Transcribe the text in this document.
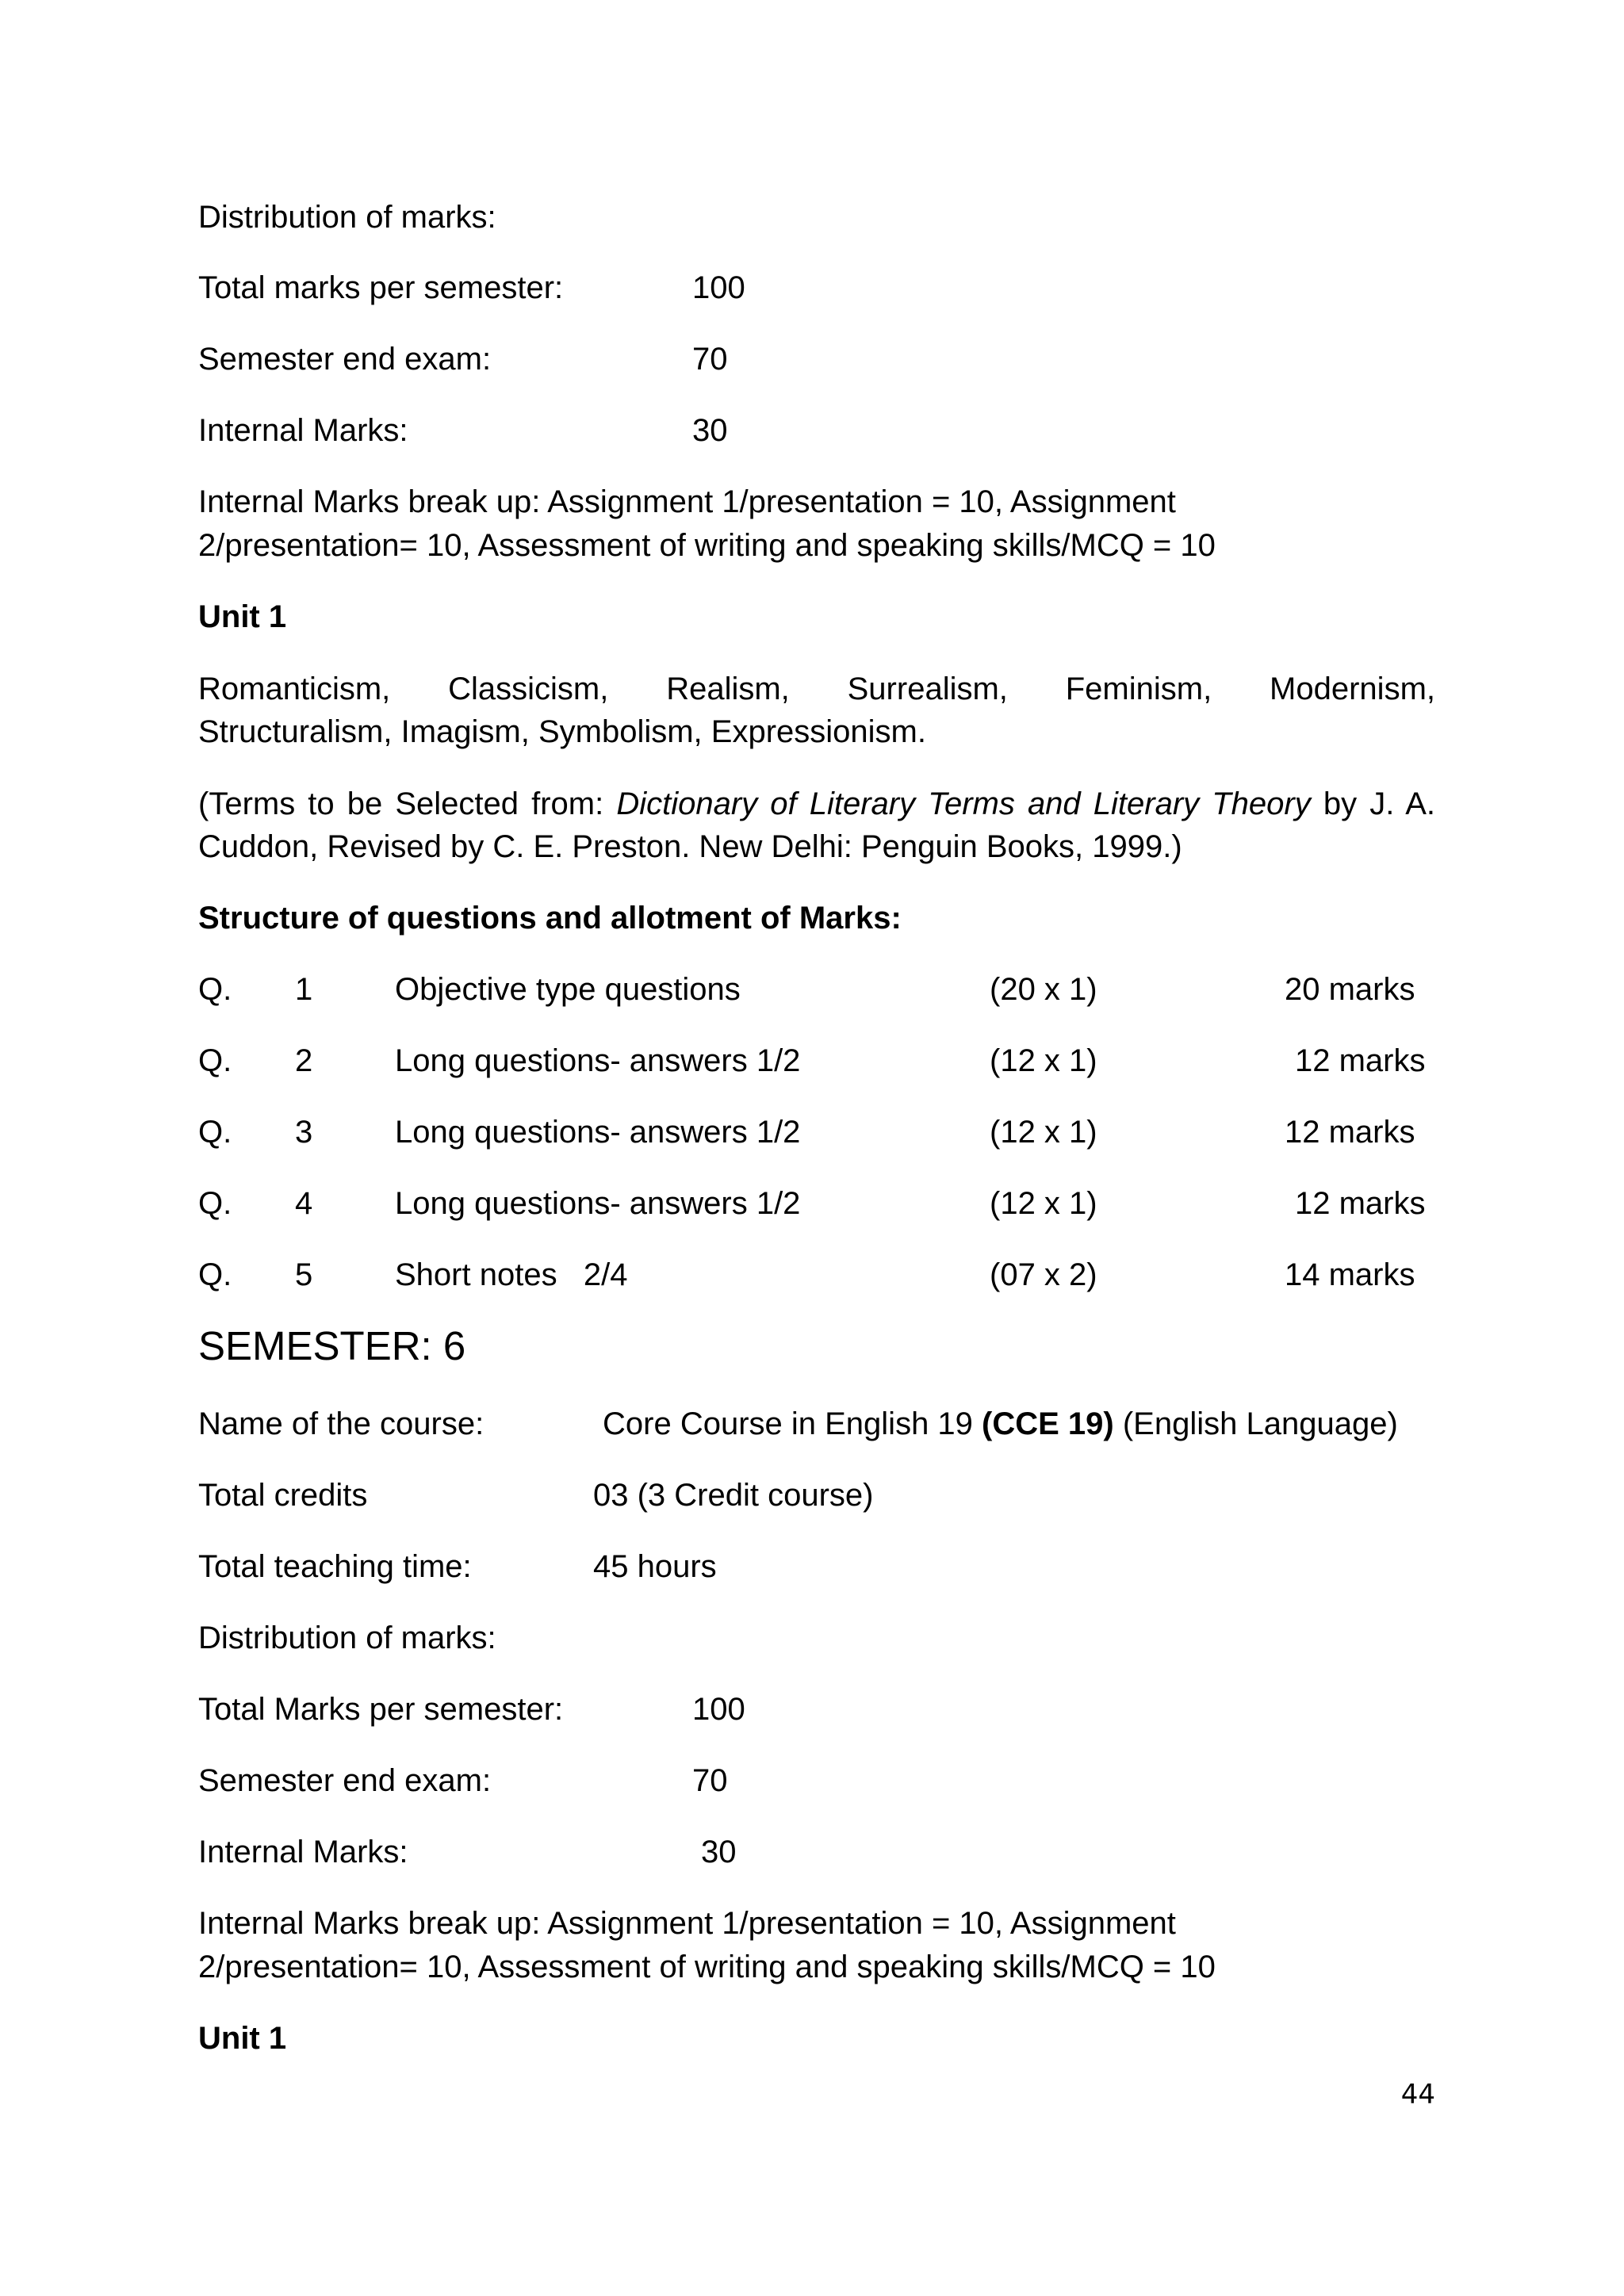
Distribution of marks:
Total marks per semester:	100
Semester end exam:	70
Internal Marks:	30
Internal Marks break up: Assignment 1/presentation = 10, Assignment
2/presentation= 10, Assessment of writing and speaking skills/MCQ = 10
Unit 1
Romanticism, Classicism, Realism, Surrealism, Feminism, Modernism,
Structuralism, Imagism, Symbolism, Expressionism.
(Terms to be Selected from: Dictionary of Literary Terms and Literary Theory by J. A.
Cuddon, Revised by C. E. Preston. New Delhi: Penguin Books, 1999.)
Structure of questions and allotment of Marks:
Q. 1	Objective type questions	(20 x 1)	20 marks
Q. 2	Long questions- answers 1/2	(12 x 1)	12 marks
Q. 3	Long questions- answers 1/2	(12 x 1)	12 marks
Q. 4	Long questions- answers 1/2	(12 x 1)	12 marks
Q. 5	Short notes   2/4	(07 x 2)	14 marks
SEMESTER: 6
Name of the course:	Core Course in English 19 (CCE 19) (English Language)
Total credits	03 (3 Credit course)
Total teaching time:	45 hours
Distribution of marks:
Total Marks per semester:	100
Semester end exam:	70
Internal Marks:	30
Internal Marks break up: Assignment 1/presentation = 10, Assignment
2/presentation= 10, Assessment of writing and speaking skills/MCQ = 10
Unit 1
44
